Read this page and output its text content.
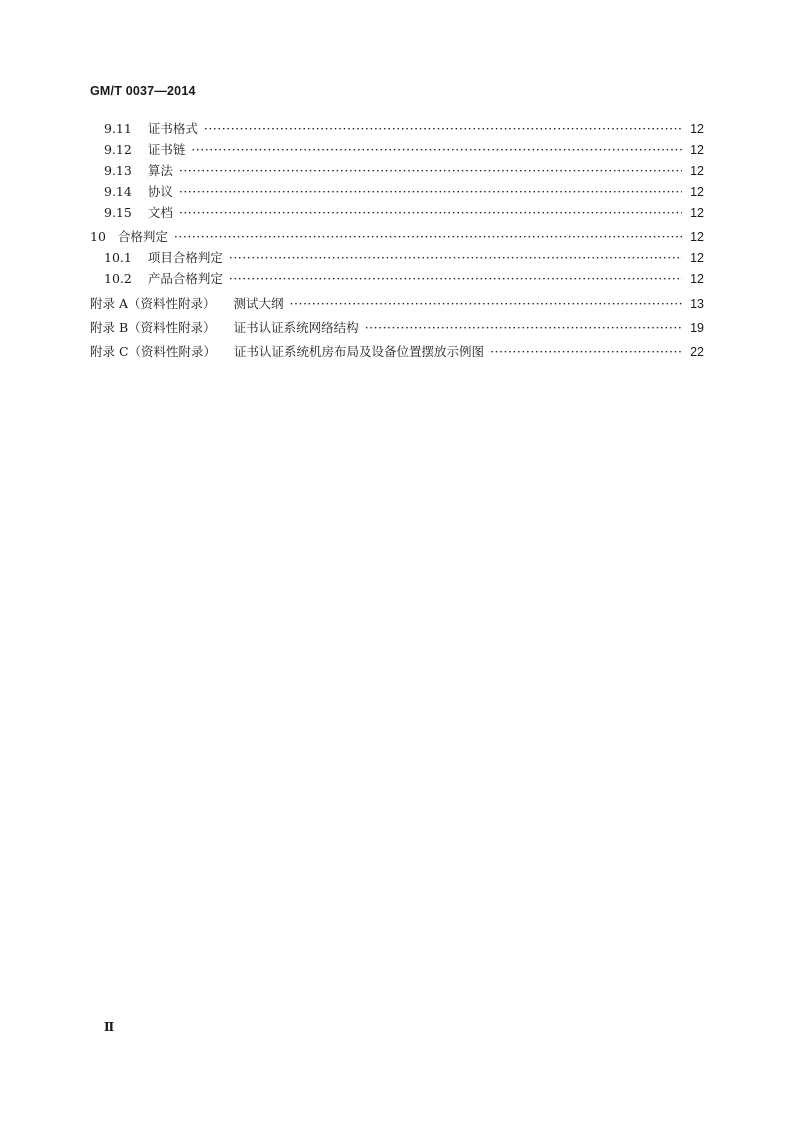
GM/T 0037—2014
9.11 证书格式 ·····	12
9.12 证书链 ·····	12
9.13 算法 ·····	12
9.14 协议 ·····	12
9.15 文档 ·····	12
10 合格判定 ·····	12
10.1 项目合格判定 ·····	12
10.2 产品合格判定 ·····	12
附录 A（资料性附录） 测试大纲 ·····	13
附录 B（资料性附录） 证书认证系统网络结构 ·····	19
附录 C（资料性附录） 证书认证系统机房布局及设备位置摆放示例图 ·····	22
Ⅱ
